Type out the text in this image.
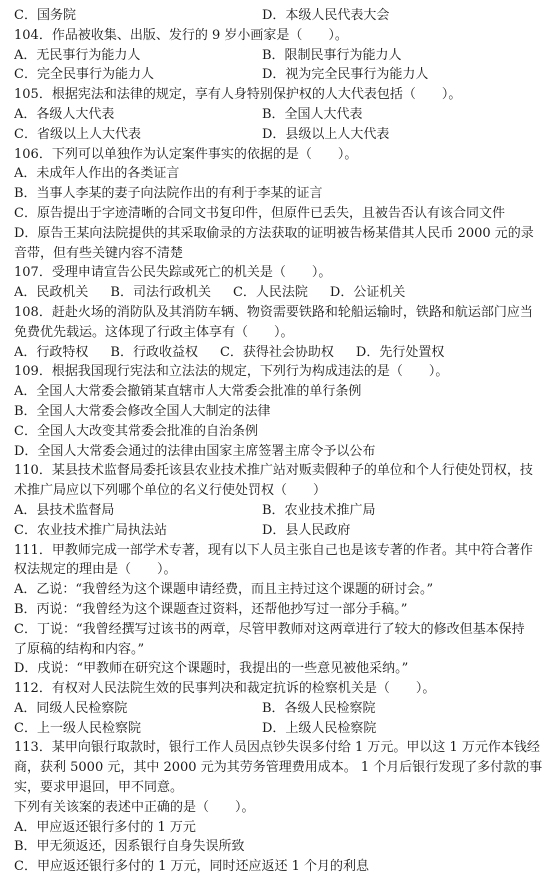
C．国务院	D．本级人民代表大会
104．作品被收集、出版、发行的 9 岁小画家是（　　）。
A．无民事行为能力人	B．限制民事行为能力人
C．完全民事行为能力人	D．视为完全民事行为能力人
105．根据宪法和法律的规定，享有人身特别保护权的人大代表包括（　　）。
A．各级人大代表	B．全国人大代表
C．省级以上人大代表	D．县级以上人大代表
106．下列可以单独作为认定案件事实的依据的是（　　）。
A．未成年人作出的各类证言
B．当事人李某的妻子向法院作出的有利于李某的证言
C．原告提出于字迹清晰的合同文书复印件，但原件已丢失，且被告否认有该合同文件
D．原告王某向法院提供的其采取偷录的方法获取的证明被告杨某借其人民币 2000 元的录
音带，但有些关键内容不清楚
107．受理申请宣告公民失踪或死亡的机关是（　　）。
A．民政机关 B．司法行政机关 C．人民法院 D．公证机关
108．赶赴火场的消防队及其消防车辆、物资需要铁路和轮船运输时，铁路和航运部门应当
免费优先载运。这体现了行政主体享有（　　）。
A．行政特权 B．行政收益权 C．获得社会协助权 D．先行处置权
109．根据我国现行宪法和立法法的规定，下列行为构成违法的是（　　）。
A．全国人大常委会撤销某直辖市人大常委会批准的单行条例
B．全国人大常委会修改全国人大制定的法律
C．全国人大改变其常委会批准的自治条例
D．全国人大常委会通过的法律由国家主席签署主席令予以公布
110．某县技术监督局委托该县农业技术推广站对贩卖假种子的单位和个人行使处罚权，技
术推广局应以下列哪个单位的名义行使处罚权（　　）
A．县技术监督局	B．农业技术推广局
C．农业技术推广局执法站	D．县人民政府
111．甲教师完成一部学术专著，现有以下人员主张自己也是该专著的作者。其中符合著作
权法规定的理由是（　　）。
A．乙说：“我曾经为这个课题申请经费，而且主持过这个课题的研讨会。”
B．丙说：“我曾经为这个课题查过资料，还帮他抄写过一部分手稿。”
C．丁说：“我曾经撰写过该书的两章，尽管甲教师对这两章进行了较大的修改但基本保持
了原稿的结构和内容。”
D．戌说：“甲教师在研究这个课题时，我提出的一些意见被他采纳。”
112．有权对人民法院生效的民事判决和裁定抗诉的检察机关是（　　）。
A．同级人民检察院	B．各级人民检察院
C．上一级人民检察院	D．上级人民检察院
113．某甲向银行取款时，银行工作人员因点钞失误多付给 1 万元。甲以这 1 万元作本钱经
商，获利 5000 元，其中 2000 元为其劳务管理费用成本。 1 个月后银行发现了多付款的事
实，要求甲退回，甲不同意。
下列有关该案的表述中正确的是（　　）。
A．甲应返还银行多付的 1 万元
B．甲无须返还，因系银行自身失误所致
C．甲应返还银行多付的 1 万元，同时还应返还 1 个月的利息
